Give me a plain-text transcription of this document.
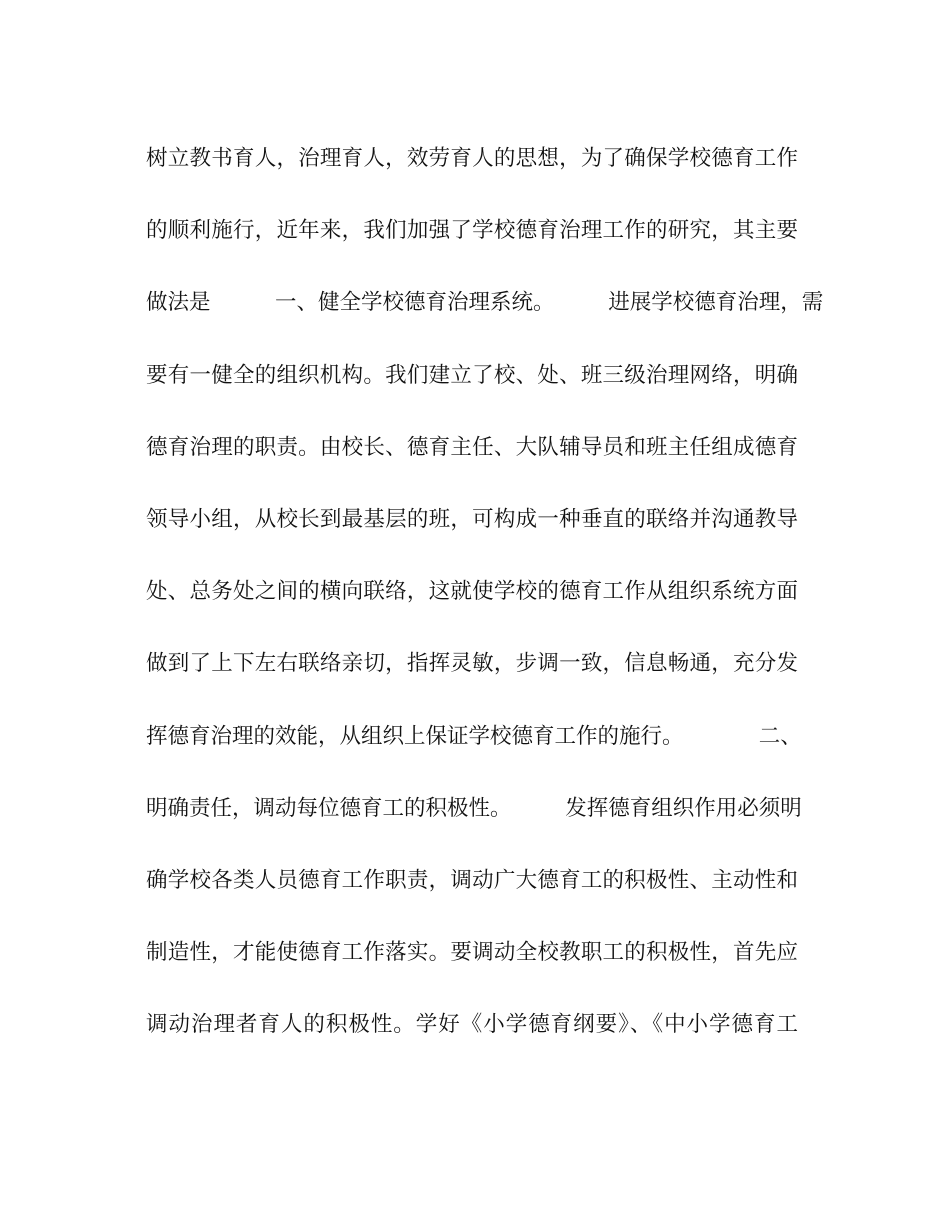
树立教书育人，治理育人，效劳育人的思想，为了确保学校德育工作
的顺利施行，近年来，我们加强了学校德育治理工作的研究，其主要
做法是　　　一、健全学校德育治理系统。　　　进展学校德育治理，需
要有一健全的组织机构。我们建立了校、处、班三级治理网络，明确
德育治理的职责。由校长、德育主任、大队辅导员和班主任组成德育
领导小组，从校长到最基层的班，可构成一种垂直的联络并沟通教导
处、总务处之间的横向联络，这就使学校的德育工作从组织系统方面
做到了上下左右联络亲切，指挥灵敏，步调一致，信息畅通，充分发
挥德育治理的效能，从组织上保证学校德育工作的施行。　　　　二、
明确责任，调动每位德育工的积极性。　　　发挥德育组织作用必须明
确学校各类人员德育工作职责，调动广大德育工的积极性、主动性和
制造性，才能使德育工作落实。要调动全校教职工的积极性，首先应
调动治理者育人的积极性。学好《小学德育纲要》、《中小学德育工
